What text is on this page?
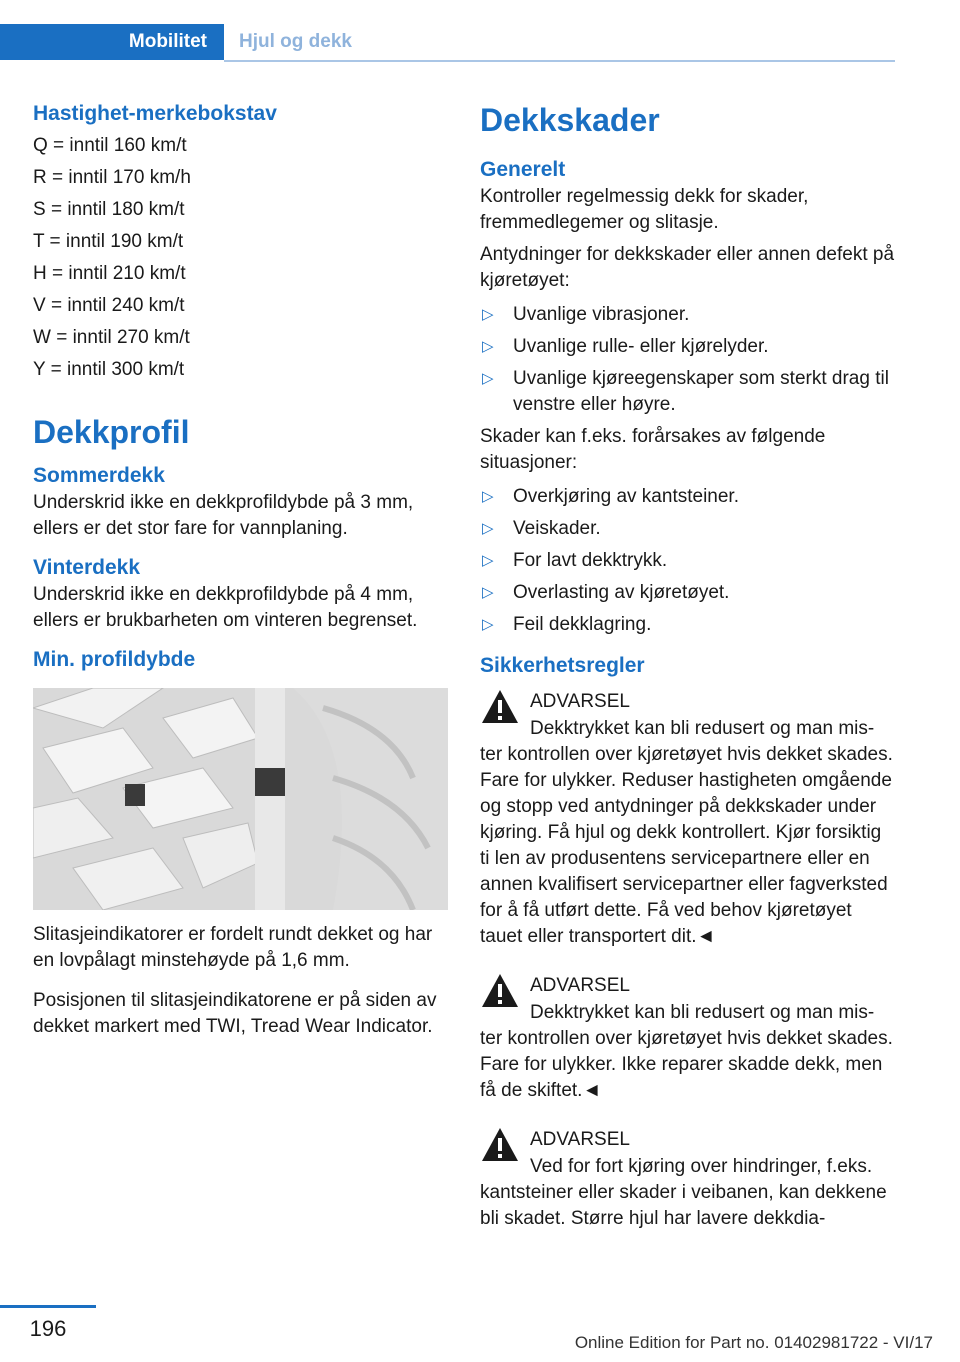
Mobilitet	Hjul og dekk
Hastighet-merkebokstav

Q = inntil 160 km/t

R = inntil 170 km/h

S = inntil 180 km/t

T = inntil 190 km/t

H = inntil 210 km/t

V = inntil 240 km/t

W = inntil 270 km/t

Y = inntil 300 km/t

Dekkprofil
Sommerdekk

Underskrid ikke en dekkprofildybde på 3 mm, ellers er det stor fare for vannplaning.

Vinterdekk

Underskrid ikke en dekkprofildybde på 4 mm, ellers er brukbarheten om vinteren begrenset.

Min. profildybde

Slitasjeindikatorer er fordelt rundt dekket og har en lovpålagt minstehøyde på 1,6 mm.

Posisjonen til slitasjeindikatorene er på siden av dekket markert med TWI, Tread Wear Indicator.

Dekkskader
Generelt

Kontroller regelmessig dekk for skader, fremmedlegemer og slitasje.

Antydninger for dekkskader eller annen defekt på kjøretøyet:

▷ Uvanlige vibrasjoner.
▷ Uvanlige rulle- eller kjørelyder.
▷ Uvanlige kjøreegenskaper som sterkt drag til venstre eller høyre.

Skader kan f.eks. forårsakes av følgende situasjoner:

▷ Overkjøring av kantsteiner.
▷ Veiskader.
▷ For lavt dekktrykk.
▷ Overlasting av kjøretøyet.
▷ Feil dekklagring.
Sikkerhetsregler
ADVARSEL
Dekktrykket kan bli redusert og man mis-
ter kontrollen over kjøretøyet hvis dekket skades. Fare for ulykker. Reduser hastigheten omgående og stopp ved antydninger på dekkskader under kjøring. Få hjul og dekk kontrollert. Kjør forsiktig ti len av produsentens servicepartnere eller en annen kvalifisert servicepartner eller fagverksted for å få utført dette. Få ved behov kjøretøyet tauet eller transportert dit.◄
ADVARSEL
Dekktrykket kan bli redusert og man mis-
ter kontrollen over kjøretøyet hvis dekket skades. Fare for ulykker. Ikke reparer skadde dekk, men få de skiftet.◄
ADVARSEL
Ved for fort kjøring over hindringer, f.eks.
kantsteiner eller skader i veibanen, kan dekkene bli skadet. Større hjul har lavere dekkdia-
196
Online Edition for Part no. 01402981722 - VI/17
